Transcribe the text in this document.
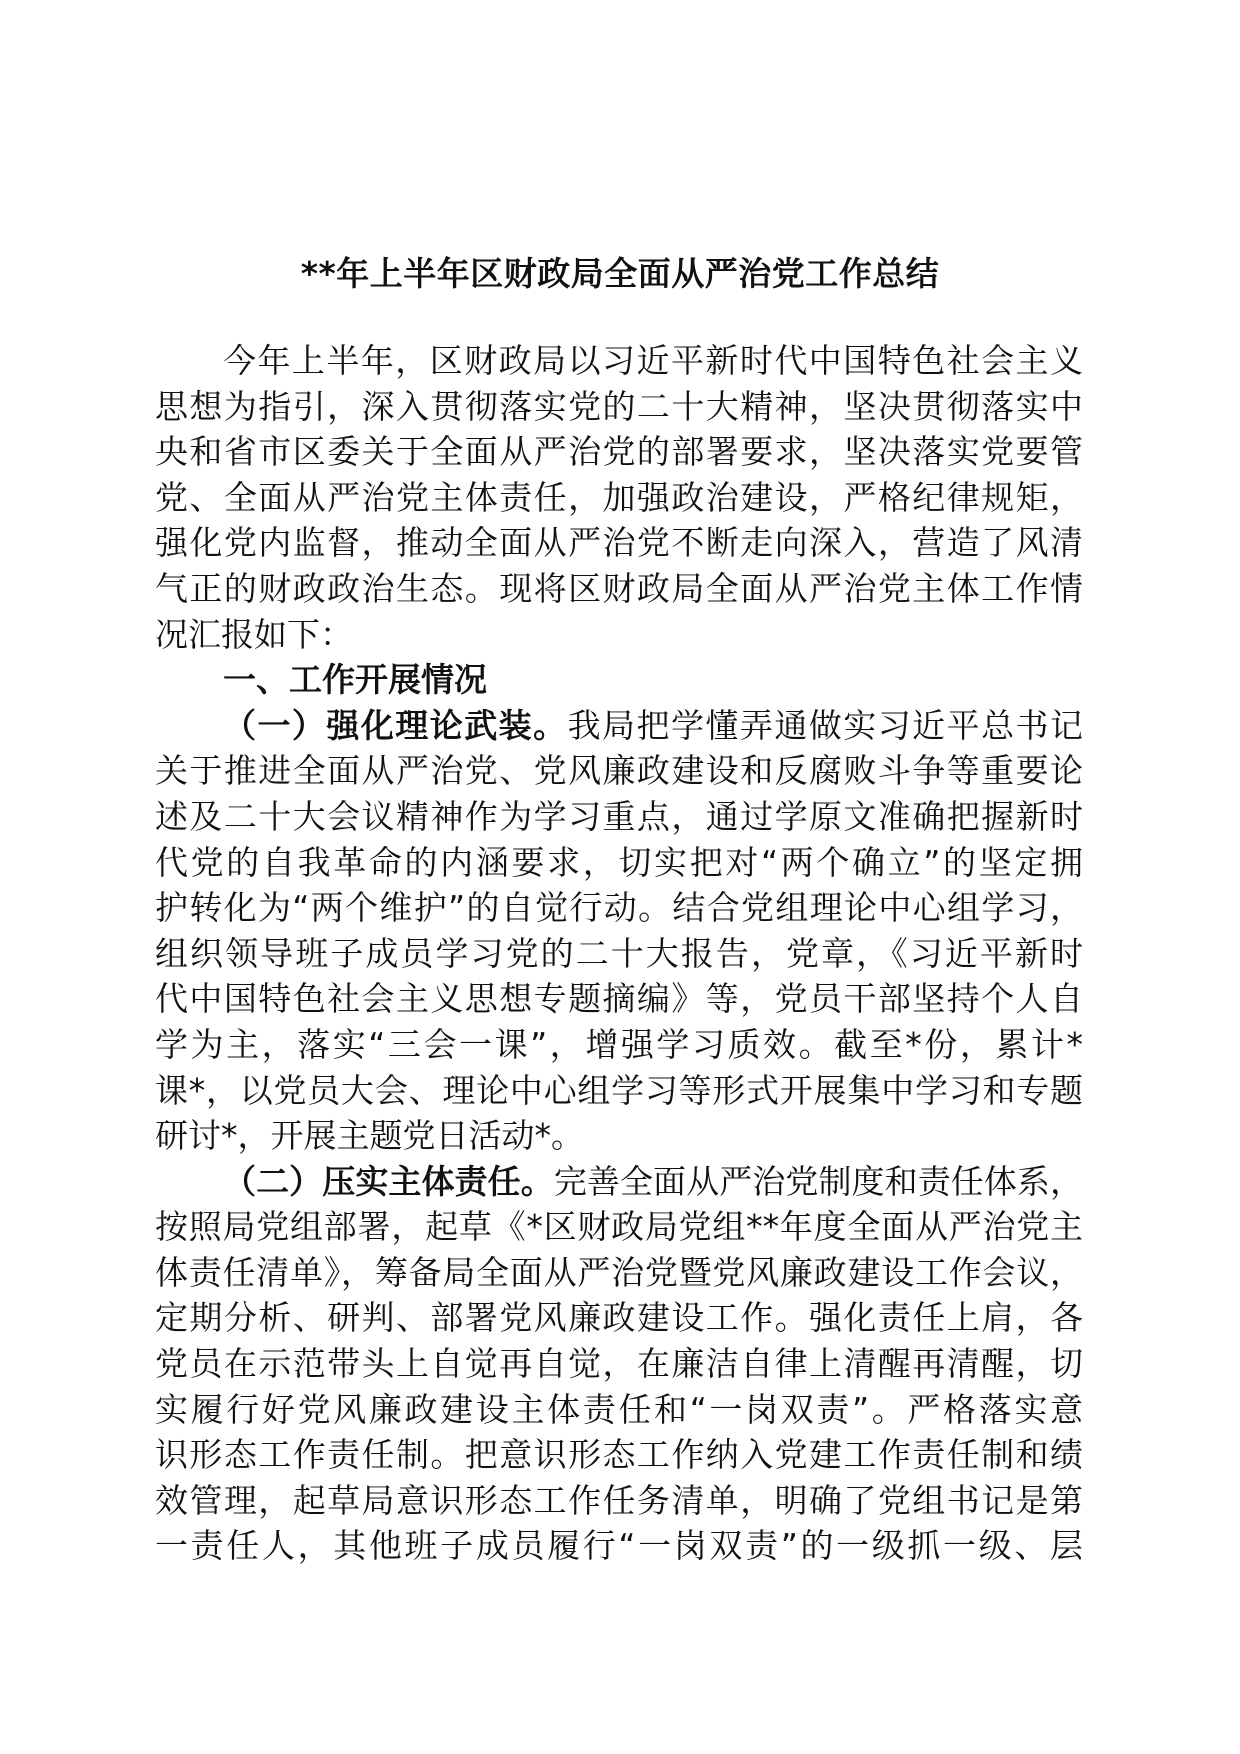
**年上半年区财政局全面从严治党工作总结
今年上半年，区财政局以习近平新时代中国特色社会主义
思想为指引，深入贯彻落实党的二十大精神，坚决贯彻落实中
央和省市区委关于全面从严治党的部署要求，坚决落实党要管
党、全面从严治党主体责任，加强政治建设，严格纪律规矩，
强化党内监督，推动全面从严治党不断走向深入，营造了风清
气正的财政政治生态。现将区财政局全面从严治党主体工作情
况汇报如下：
一、工作开展情况
（一）强化理论武装。我局把学懂弄通做实习近平总书记
关于推进全面从严治党、党风廉政建设和反腐败斗争等重要论
述及二十大会议精神作为学习重点，通过学原文准确把握新时
代党的自我革命的内涵要求，切实把对“两个确立”的坚定拥
护转化为“两个维护”的自觉行动。结合党组理论中心组学习，
组织领导班子成员学习党的二十大报告，党章，《习近平新时
代中国特色社会主义思想专题摘编》等，党员干部坚持个人自
学为主，落实“三会一课”，增强学习质效。截至*份，累计*
课*，以党员大会、理论中心组学习等形式开展集中学习和专题
研讨*，开展主题党日活动*。
（二）压实主体责任。完善全面从严治党制度和责任体系，
按照局党组部署，起草《*区财政局党组**年度全面从严治党主
体责任清单》，筹备局全面从严治党暨党风廉政建设工作会议，
定期分析、研判、部署党风廉政建设工作。强化责任上肩，各
党员在示范带头上自觉再自觉，在廉洁自律上清醒再清醒，切
实履行好党风廉政建设主体责任和“一岗双责”。严格落实意
识形态工作责任制。把意识形态工作纳入党建工作责任制和绩
效管理，起草局意识形态工作任务清单，明确了党组书记是第
一责任人，其他班子成员履行“一岗双责”的一级抓一级、层
